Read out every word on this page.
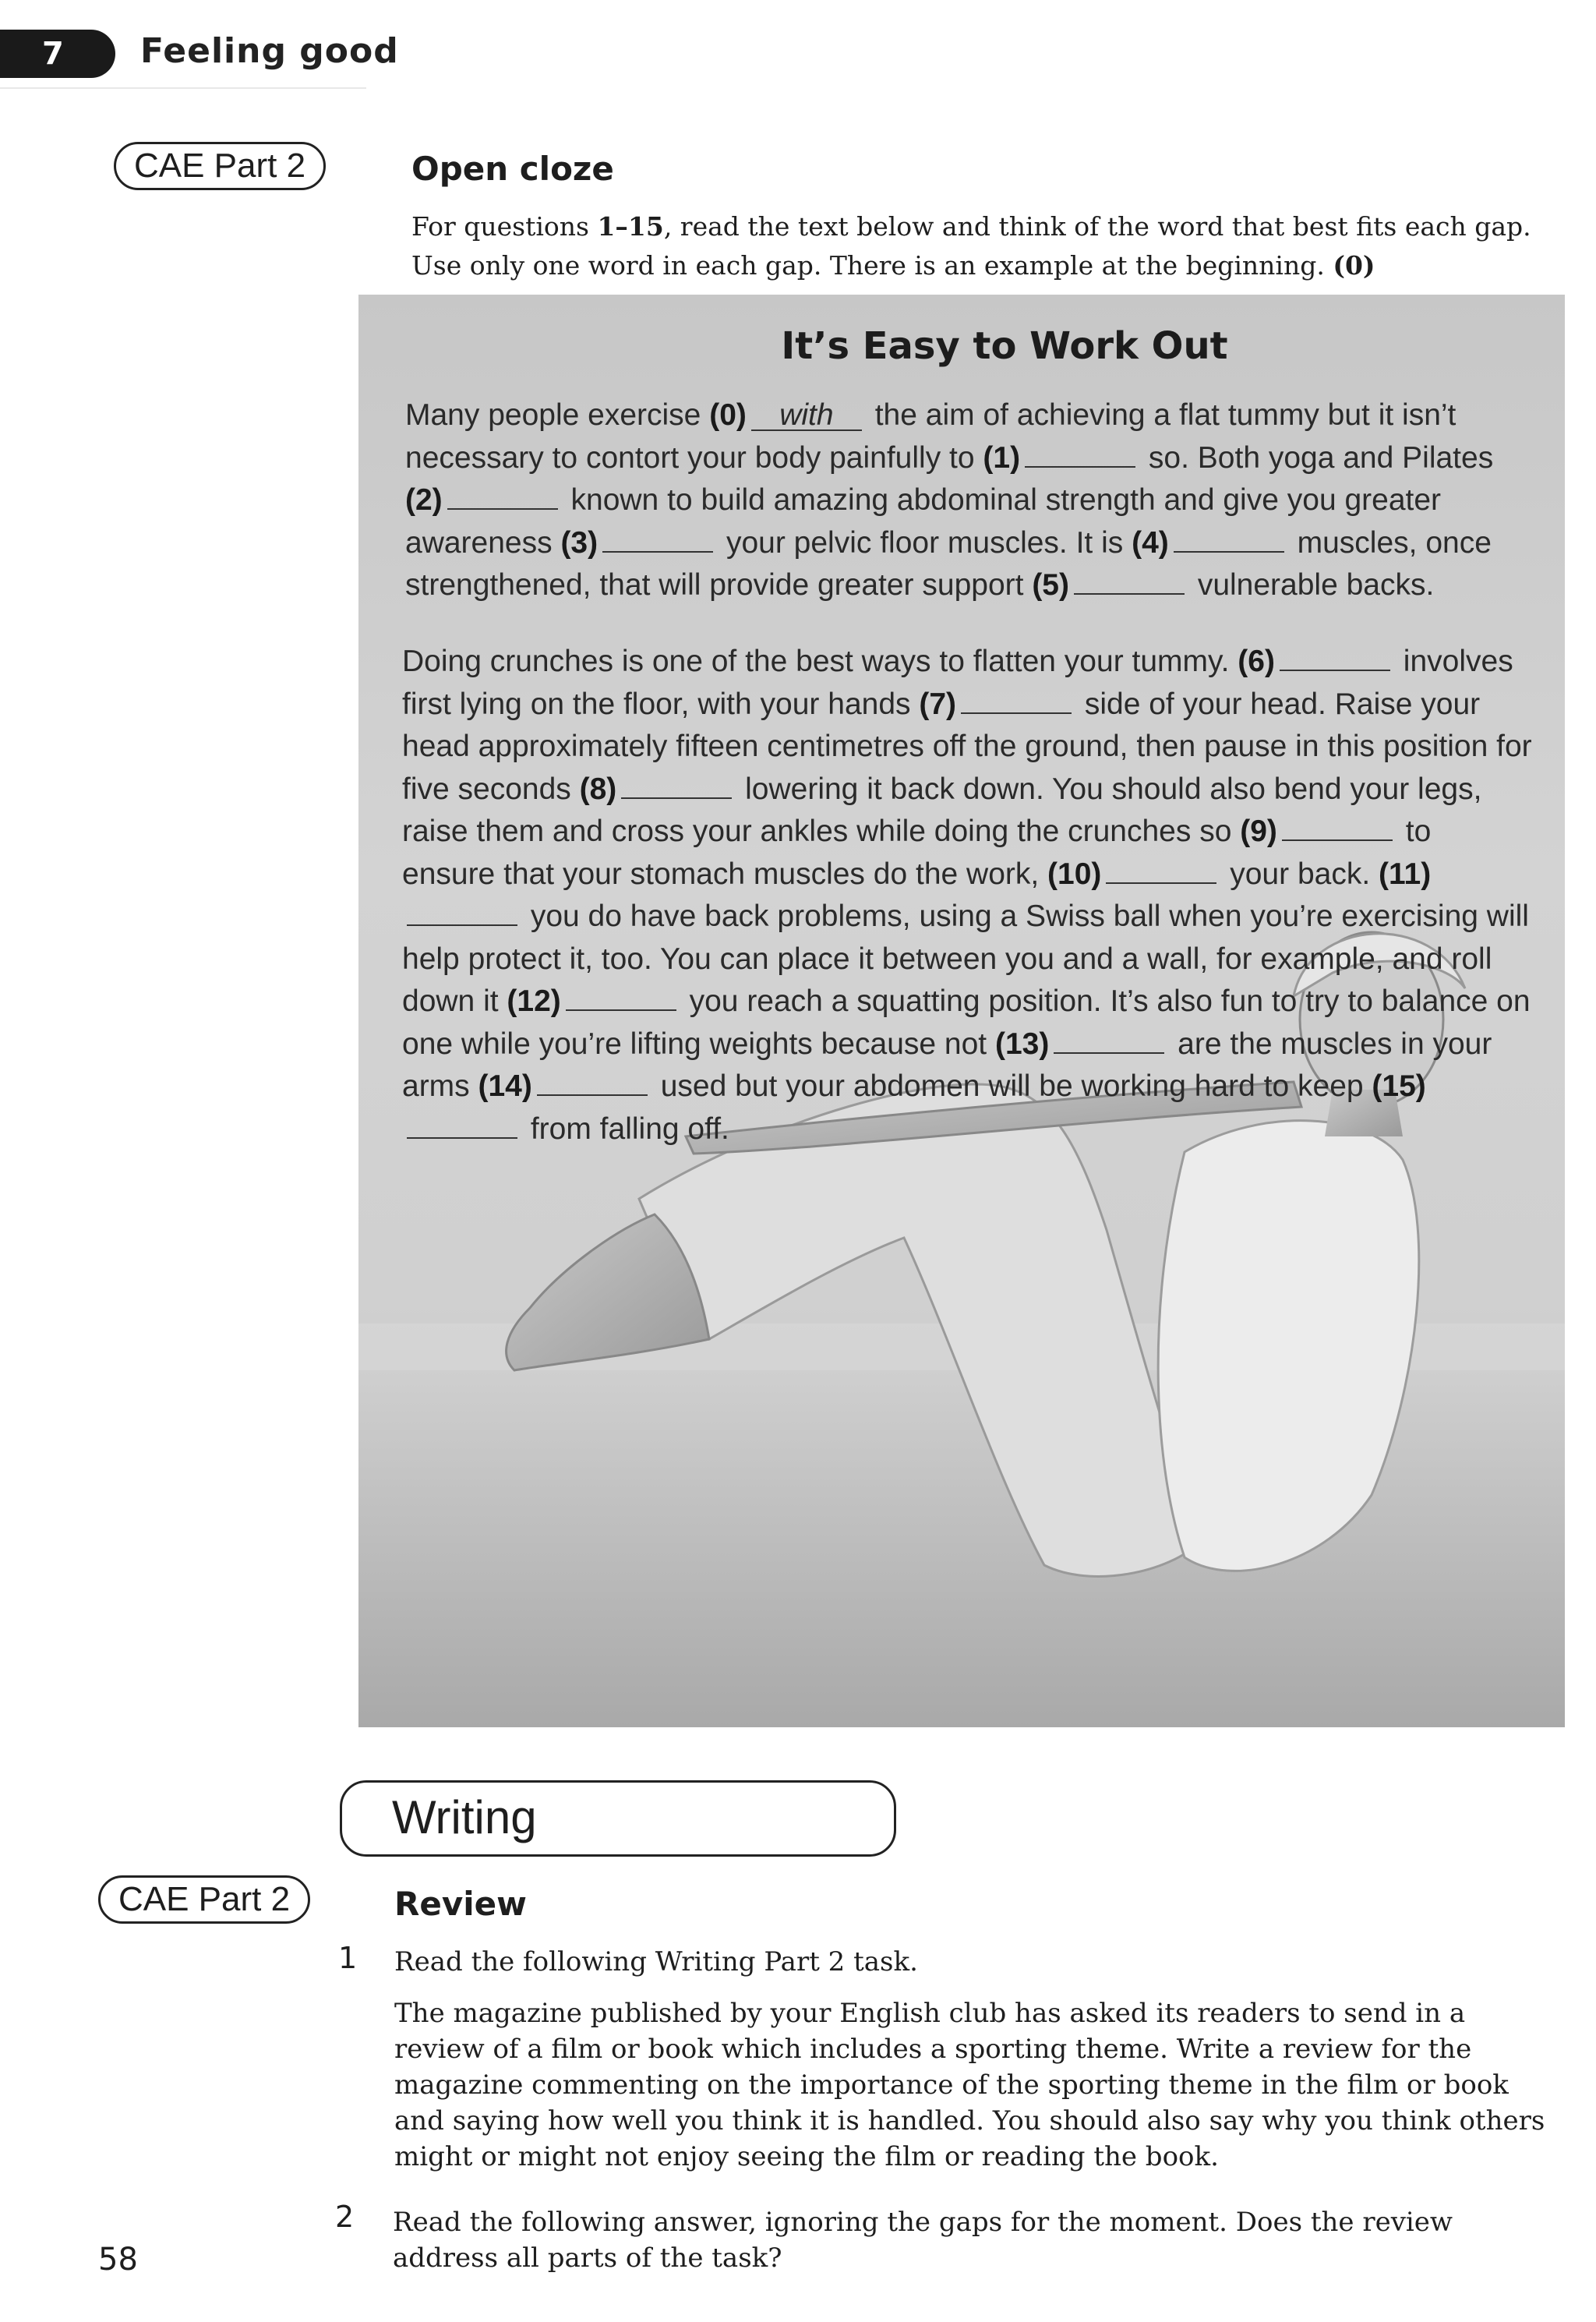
7	Feeling good
CAE Part 2	Open cloze
For questions 1–15, read the text below and think of the word that best fits each gap. Use only one word in each gap. There is an example at the beginning. (0)
It’s Easy to Work Out
Many people exercise (0) with the aim of achieving a flat tummy but it isn’t necessary to contort your body painfully to (1)	so. Both yoga and Pilates (2)	known to build amazing abdominal strength and give you greater awareness (3)	your pelvic floor muscles. It is (4)	muscles, once strengthened, that will provide greater support (5)	vulnerable backs.
Doing crunches is one of the best ways to flatten your tummy. (6)	involves first lying on the floor, with your hands (7)	side of your head. Raise your head approximately fifteen centimetres off the ground, then pause in this position for five seconds (8)	lowering it back down. You should also bend your legs, raise them and cross your ankles while doing the crunches so (9)	to ensure that your stomach muscles do the work, (10)	your back. (11) you do have back problems, using a Swiss ball when you’re exercising will help protect it, too. You can place it between you and a wall, for example, and roll down it (12)	you reach a squatting position. It’s also fun to try to balance on one while you’re lifting weights because not (13)	are the muscles in your arms (14)	used but your abdomen will be working hard to keep (15) from falling off.
Writing
CAE Part 2	Review
1 Read the following Writing Part 2 task.
The magazine published by your English club has asked its readers to send in a review of a film or book which includes a sporting theme. Write a review for the magazine commenting on the importance of the sporting theme in the film or book and saying how well you think it is handled. You should also say why you think others might or might not enjoy seeing the film or reading the book.
2 Read the following answer, ignoring the gaps for the moment. Does the review address all parts of the task?
58
